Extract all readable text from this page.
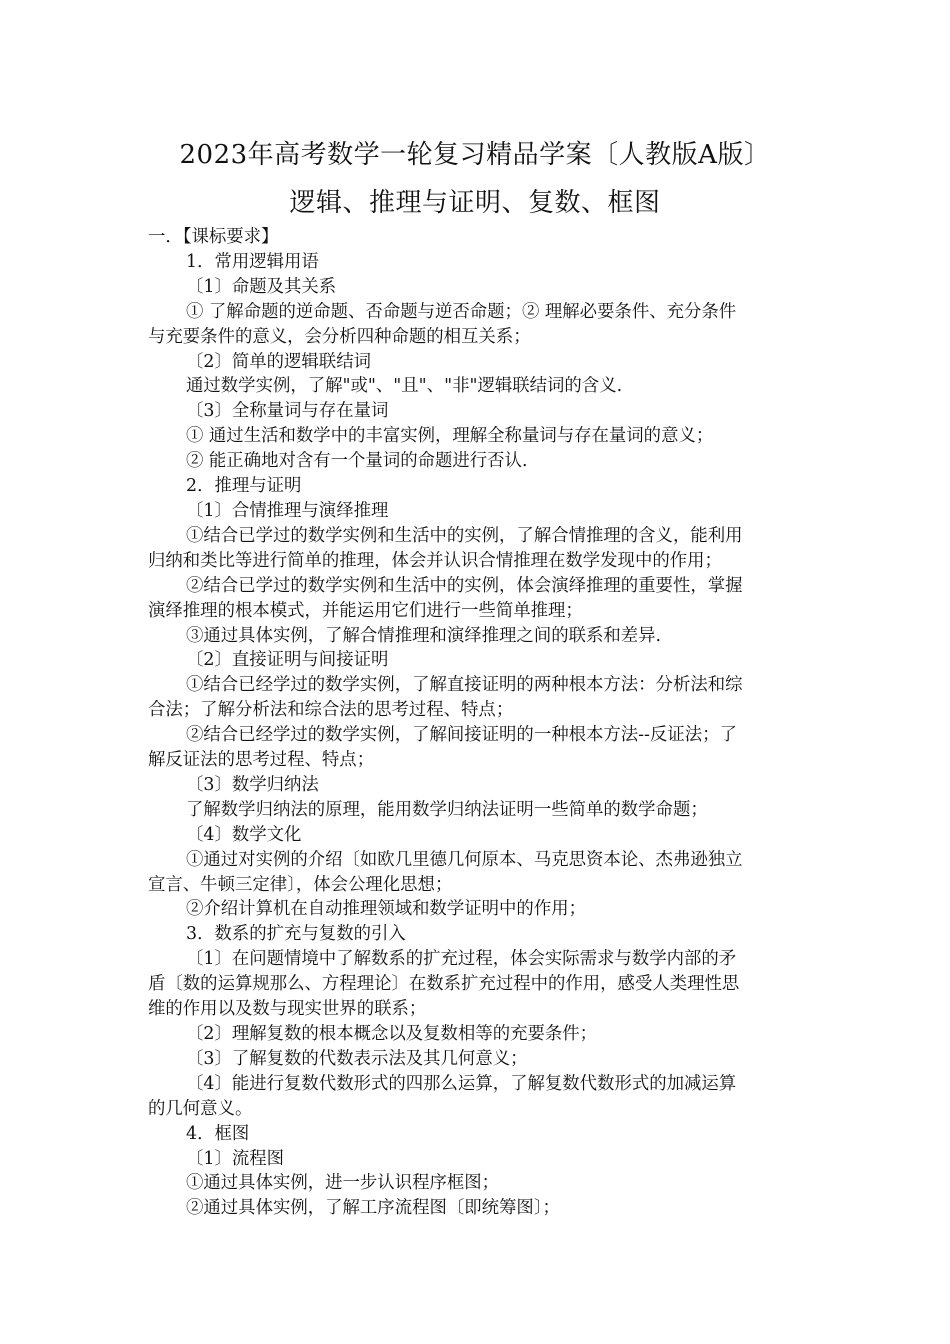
2023年高考数学一轮复习精品学案〔人教版A版〕
逻辑、推理与证明、复数、框图

一．【课标要求】

1．常用逻辑用语

〔1〕命题及其关系

① 了解命题的逆命题、否命题与逆否命题；② 理解必要条件、充分条件

与充要条件的意义，会分析四种命题的相互关系；

〔2〕简单的逻辑联结词

通过数学实例，了解"或"、"且"、"非"逻辑联结词的含义.

〔3〕全称量词与存在量词

① 通过生活和数学中的丰富实例，理解全称量词与存在量词的意义；

② 能正确地对含有一个量词的命题进行否认.

2．推理与证明

〔1〕合情推理与演绎推理

①结合已学过的数学实例和生活中的实例，了解合情推理的含义，能利用

归纳和类比等进行简单的推理，体会并认识合情推理在数学发现中的作用；

②结合已学过的数学实例和生活中的实例，体会演绎推理的重要性，掌握

演绎推理的根本模式，并能运用它们进行一些简单推理；

③通过具体实例，了解合情推理和演绎推理之间的联系和差异.

〔2〕直接证明与间接证明

①结合已经学过的数学实例，了解直接证明的两种根本方法：分析法和综

合法；了解分析法和综合法的思考过程、特点；

②结合已经学过的数学实例，了解间接证明的一种根本方法--反证法；了

解反证法的思考过程、特点；

〔3〕数学归纳法

了解数学归纳法的原理，能用数学归纳法证明一些简单的数学命题；

〔4〕数学文化

①通过对实例的介绍〔如欧几里德几何原本、马克思资本论、杰弗逊独立

宣言、牛顿三定律〕，体会公理化思想；

②介绍计算机在自动推理领域和数学证明中的作用；

3．数系的扩充与复数的引入

〔1〕在问题情境中了解数系的扩充过程，体会实际需求与数学内部的矛

盾〔数的运算规那么、方程理论〕在数系扩充过程中的作用，感受人类理性思

维的作用以及数与现实世界的联系；

〔2〕理解复数的根本概念以及复数相等的充要条件；

〔3〕了解复数的代数表示法及其几何意义；

〔4〕能进行复数代数形式的四那么运算，了解复数代数形式的加减运算

的几何意义。

4．框图

〔1〕流程图

①通过具体实例，进一步认识程序框图；

②通过具体实例，了解工序流程图〔即统筹图〕；
